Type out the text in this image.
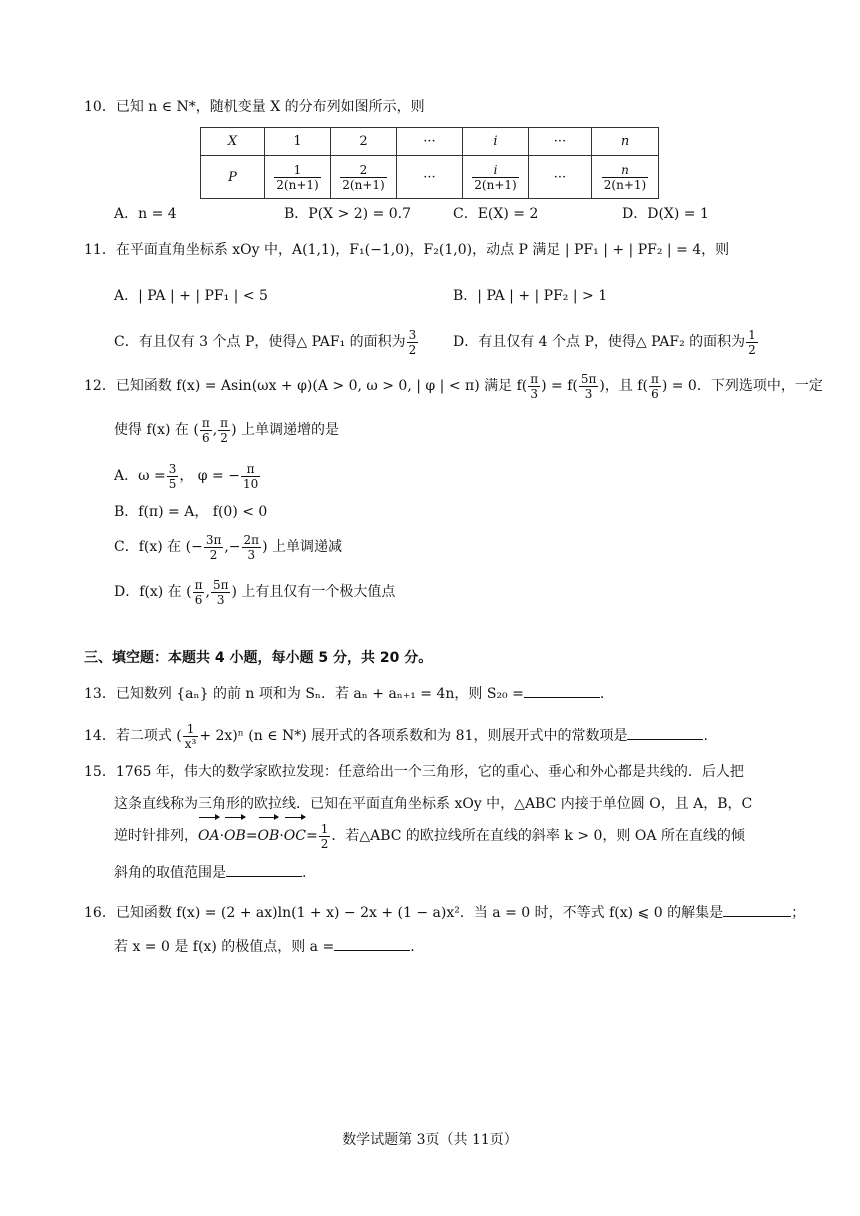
10．已知 n ∈ N*，随机变量 X 的分布列如图所示，则
X	1	2	···	i	···	n
P	$\frac{1}{2(n+1)}$	$\frac{2}{2(n+1)}$	···	$\frac{i}{2(n+1)}$	···	$\frac{n}{2(n+1)}$
A．n = 4	B．P(X > 2) = 0.7	C．E(X) = 2	D．D(X) = 1
11．在平面直角坐标系 xOy 中，A(1,1)，F₁(−1,0)，F₂(1,0)，动点 P 满足 | PF₁ | + | PF₂ | = 4，则
A．| PA | + | PF₁ | < 5	B．| PA | + | PF₂ | > 1
C．有且仅有 3 个点 P，使得△ PAF₁ 的面积为 $\frac{3}{2}$ D．有且仅有 4 个点 P，使得△ PAF₂ 的面积为 $\frac{1}{2}$
12．已知函数 f(x) = Asin(ωx + φ)(A > 0, ω > 0, | φ | < π) 满足 $f( \frac{\pi}{3}$ ) = $f( \frac{5\pi}{3}$ )，且 $f( \frac{\pi}{6}$ ) = 0．下列选项中，一定
使得 f(x) 在 ( $\frac{\pi}{6}$ , $\frac{\pi}{2}$ ) 上单调递增的是
A．$\omega = \frac{3}{5}$ ， φ = − $\frac{\pi}{10}$
B．f(π) = A， f(0) < 0
C．f(x) 在 (− $\frac{3\pi}{2}$ ,− $\frac{2\pi}{3}$ ) 上单调递减
D．f(x) 在 ( $\frac{\pi}{6}$ , $\frac{5\pi}{3}$ ) 上有且仅有一个极大值点
三、填空题：本题共 4 小题，每小题 5 分，共 20 分。
13．已知数列 {aₙ} 的前 n 项和为 Sₙ．若 aₙ + aₙ₊₁ = 4n，则 S₂₀ =	.
14．若二项式 ( $\frac{1}{\text{x³}} + 2x)^n$ (n ∈ N*) 展开式的各项系数和为 81，则展开式中的常数项是	.
15．1765 年，伟大的数学家欧拉发现：任意给出一个三角形，它的重心、垂心和外心都是共线的．后人把
这条直线称为三角形的欧拉线．已知在平面直角坐标系 xOy 中，△ABC 内接于单位圆 O，且 A，B，C
逆时针排列，$OA\cdot OB=OB\cdot OC= \frac{1}{2}$ ．若△ABC 的欧拉线所在直线的斜率 k > 0，则 OA 所在直线的倾
斜角的取值范围是	.
16．已知函数 f(x) = (2 + ax)ln(1 + x) − 2x + (1 − a)x²．当 a = 0 时，不等式 f(x) ⩽ 0 的解集是	；
若 x = 0 是 f(x) 的极值点，则 a =	.
数学试题第 3页（共 11页）
